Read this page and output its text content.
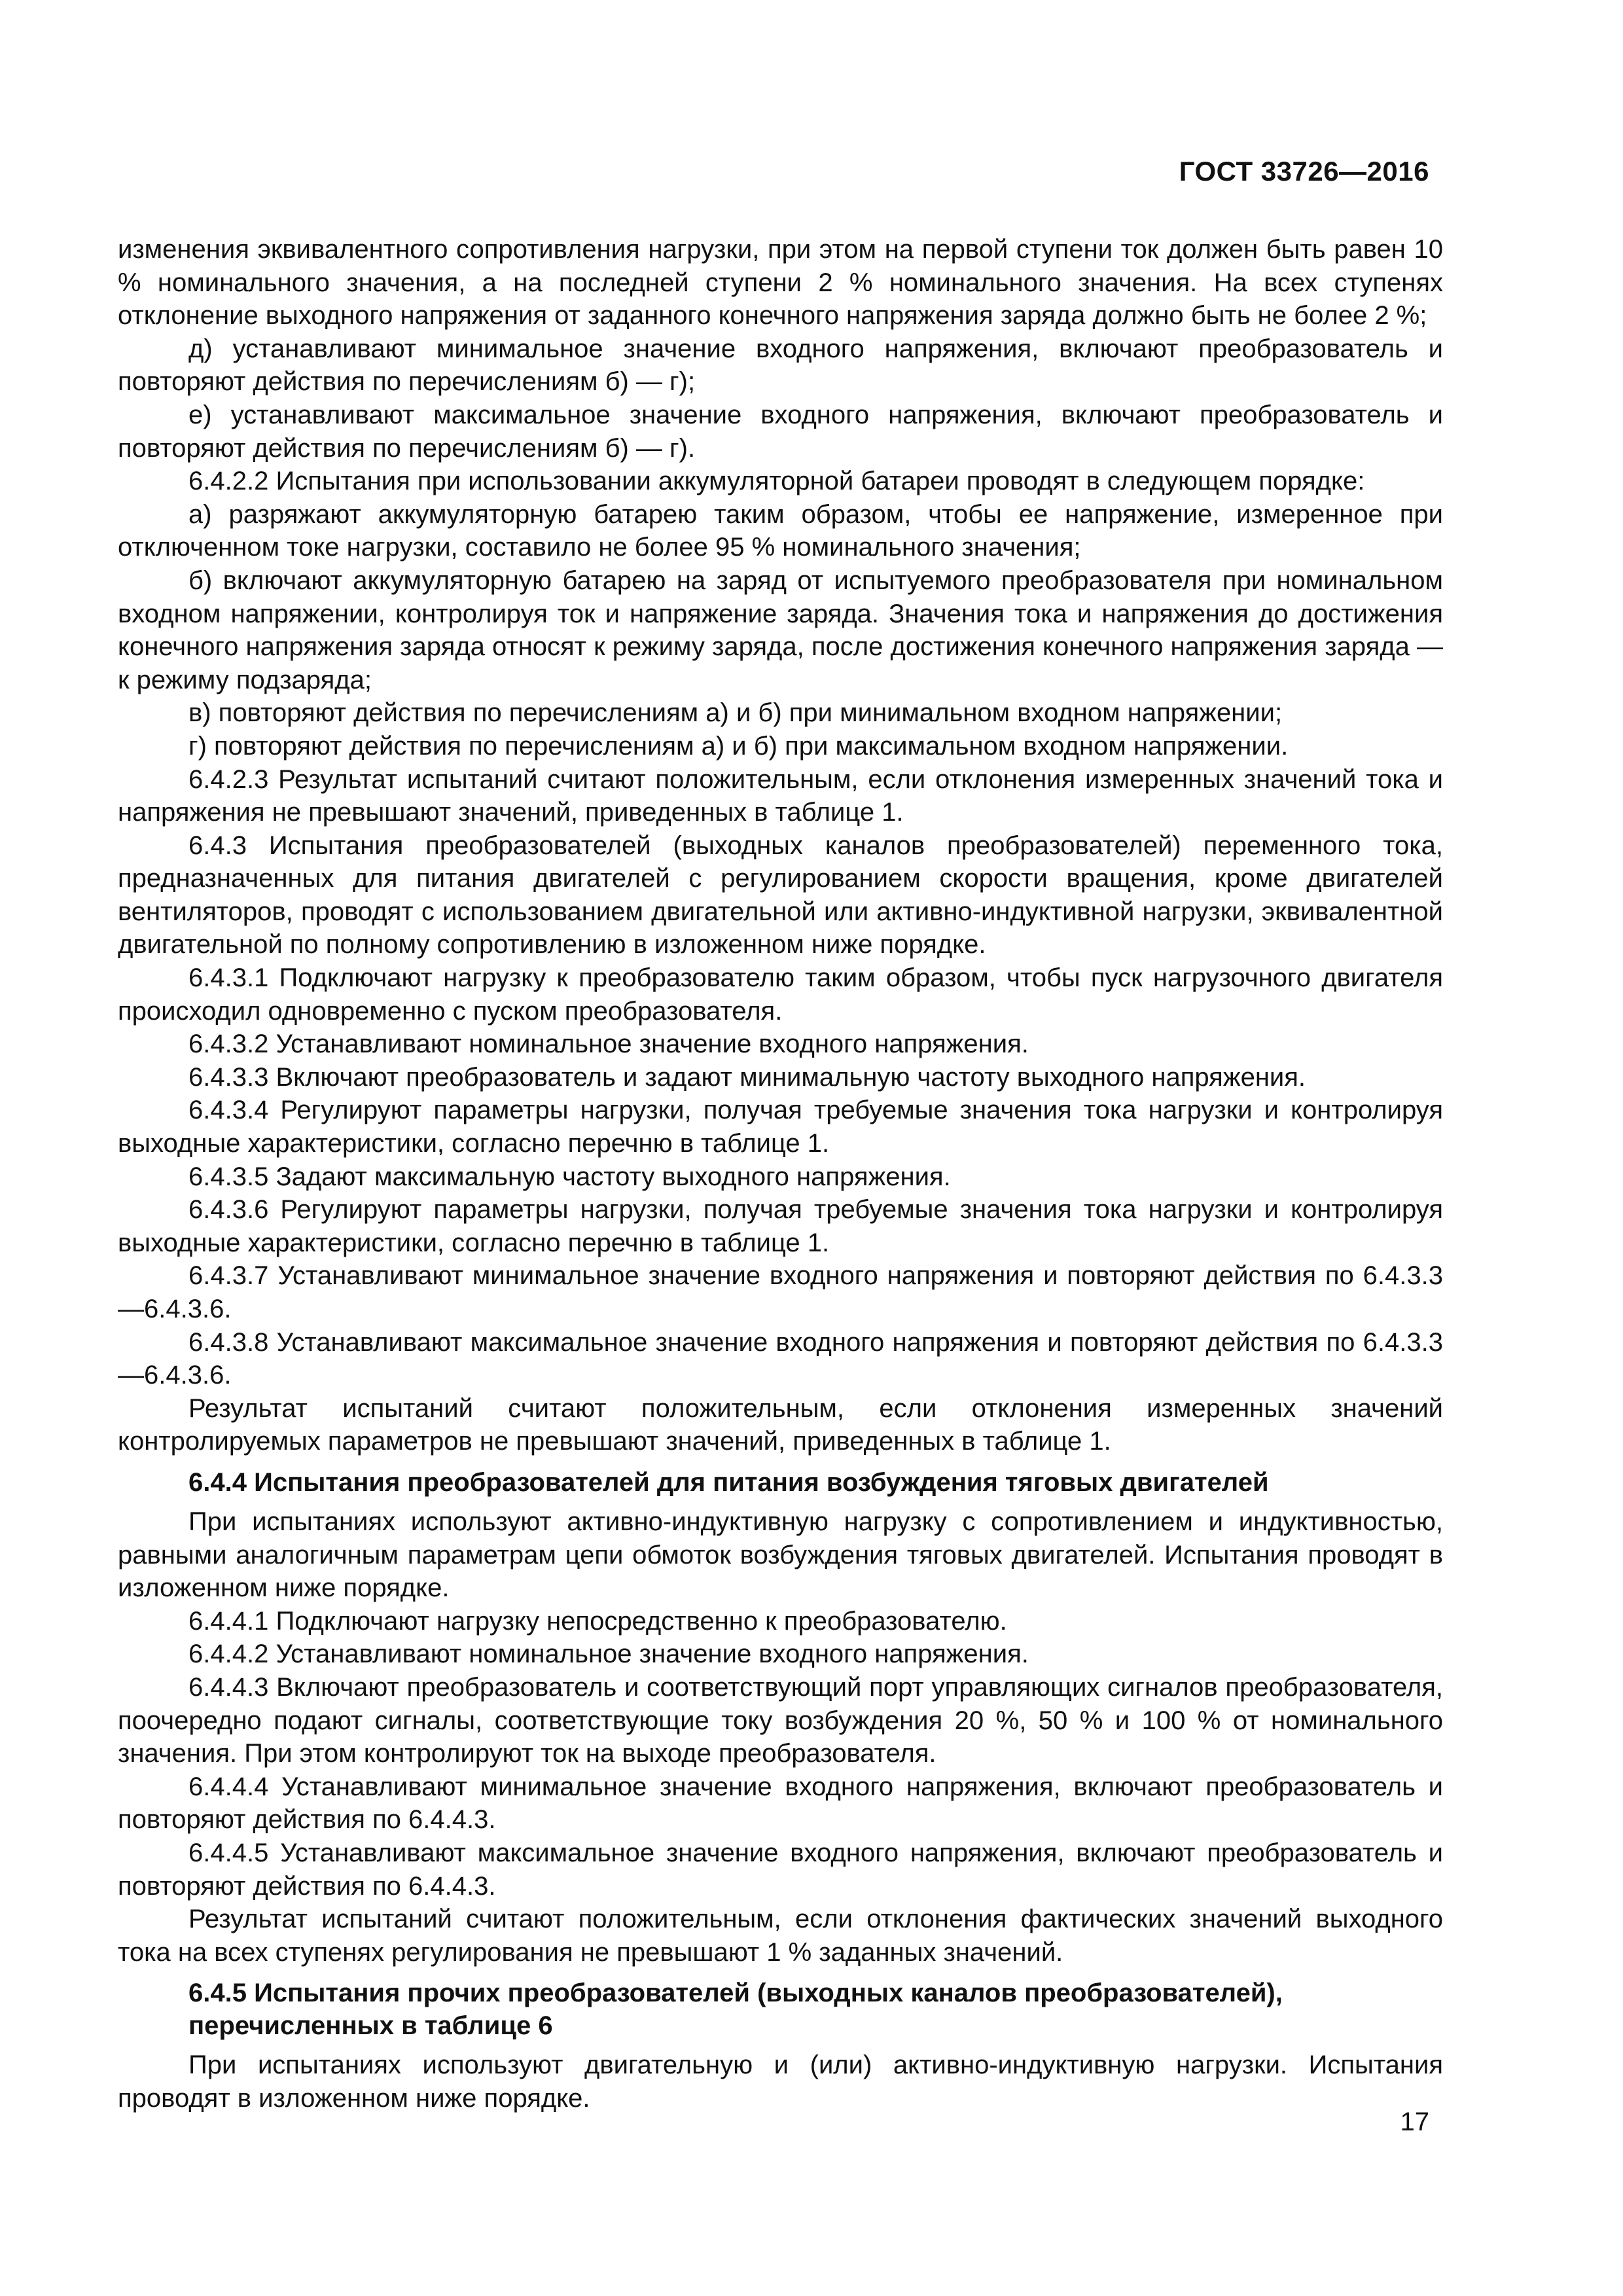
ГОСТ 33726—2016

изменения эквивалентного сопротивления нагрузки, при этом на первой ступени ток должен быть равен 10 % номинального значения, а на последней ступени 2 % номинального значения. На всех ступенях отклонение выходного напряжения от заданного конечного напряжения заряда должно быть не более 2 %;

д) устанавливают минимальное значение входного напряжения, включают преобразователь и повторяют действия по перечислениям б) — г);

е) устанавливают максимальное значение входного напряжения, включают преобразователь и повторяют действия по перечислениям б) — г).

6.4.2.2 Испытания при использовании аккумуляторной батареи проводят в следующем порядке:

а) разряжают аккумуляторную батарею таким образом, чтобы ее напряжение, измеренное при отключенном токе нагрузки, составило не более 95 % номинального значения;

б) включают аккумуляторную батарею на заряд от испытуемого преобразователя при номинальном входном напряжении, контролируя ток и напряжение заряда. Значения тока и напряжения до достижения конечного напряжения заряда относят к режиму заряда, после достижения конечного напряжения заряда — к режиму подзаряда;

в) повторяют действия по перечислениям а) и б) при минимальном входном напряжении;

г) повторяют действия по перечислениям а) и б) при максимальном входном напряжении.

6.4.2.3 Результат испытаний считают положительным, если отклонения измеренных значений тока и напряжения не превышают значений, приведенных в таблице 1.

6.4.3 Испытания преобразователей (выходных каналов преобразователей) переменного тока, предназначенных для питания двигателей с регулированием скорости вращения, кроме двигателей вентиляторов, проводят с использованием двигательной или активно-индуктивной нагрузки, эквивалентной двигательной по полному сопротивлению в изложенном ниже порядке.

6.4.3.1 Подключают нагрузку к преобразователю таким образом, чтобы пуск нагрузочного двигателя происходил одновременно с пуском преобразователя.

6.4.3.2 Устанавливают номинальное значение входного напряжения.

6.4.3.3 Включают преобразователь и задают минимальную частоту выходного напряжения.

6.4.3.4 Регулируют параметры нагрузки, получая требуемые значения тока нагрузки и контролируя выходные характеристики, согласно перечню в таблице 1.

6.4.3.5 Задают максимальную частоту выходного напряжения.

6.4.3.6 Регулируют параметры нагрузки, получая требуемые значения тока нагрузки и контролируя выходные характеристики, согласно перечню в таблице 1.

6.4.3.7 Устанавливают минимальное значение входного напряжения и повторяют действия по 6.4.3.3—6.4.3.6.

6.4.3.8 Устанавливают максимальное значение входного напряжения и повторяют действия по 6.4.3.3—6.4.3.6.

Результат испытаний считают положительным, если отклонения измеренных значений контролируемых параметров не превышают значений, приведенных в таблице 1.

6.4.4 Испытания преобразователей для питания возбуждения тяговых двигателей

При испытаниях используют активно-индуктивную нагрузку с сопротивлением и индуктивностью, равными аналогичным параметрам цепи обмоток возбуждения тяговых двигателей. Испытания проводят в изложенном ниже порядке.

6.4.4.1 Подключают нагрузку непосредственно к преобразователю.

6.4.4.2 Устанавливают номинальное значение входного напряжения.

6.4.4.3 Включают преобразователь и соответствующий порт управляющих сигналов преобразователя, поочередно подают сигналы, соответствующие току возбуждения 20 %, 50 % и 100 % от номинального значения. При этом контролируют ток на выходе преобразователя.

6.4.4.4 Устанавливают минимальное значение входного напряжения, включают преобразователь и повторяют действия по 6.4.4.3.

6.4.4.5 Устанавливают максимальное значение входного напряжения, включают преобразователь и повторяют действия по 6.4.4.3.

Результат испытаний считают положительным, если отклонения фактических значений выходного тока на всех ступенях регулирования не превышают 1 % заданных значений.

6.4.5 Испытания прочих преобразователей (выходных каналов преобразователей),
перечисленных в таблице 6

При испытаниях используют двигательную и (или) активно-индуктивную нагрузки. Испытания проводят в изложенном ниже порядке.

17
